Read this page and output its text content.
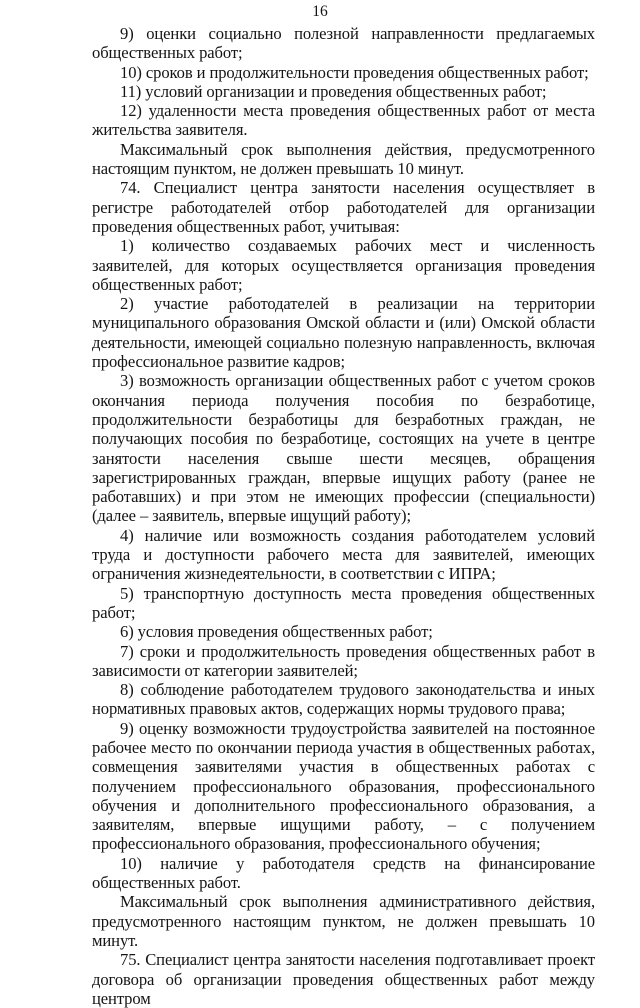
16

9) оценки социально полезной направленности предлагаемых общественных работ;

10) сроков и продолжительности проведения общественных работ;

11) условий организации и проведения общественных работ;

12) удаленности места проведения общественных работ от места жительства заявителя.

Максимальный срок выполнения действия, предусмотренного настоящим пунктом, не должен превышать 10 минут.

74. Специалист центра занятости населения осуществляет в регистре работодателей отбор работодателей для организации проведения общественных работ, учитывая:

1) количество создаваемых рабочих мест и численность заявителей, для которых осуществляется организация проведения общественных работ;

2) участие работодателей в реализации на территории муниципального образования Омской области и (или) Омской области деятельности, имеющей социально полезную направленность, включая профессиональное развитие кадров;

3) возможность организации общественных работ с учетом сроков окончания периода получения пособия по безработице, продолжительности безработицы для безработных граждан, не получающих пособия по безработице, состоящих на учете в центре занятости населения свыше шести месяцев, обращения зарегистрированных граждан, впервые ищущих работу (ранее не работавших) и при этом не имеющих профессии (специальности) (далее – заявитель, впервые ищущий работу);

4) наличие или возможность создания работодателем условий труда и доступности рабочего места для заявителей, имеющих ограничения жизнедеятельности, в соответствии с ИПРА;

5) транспортную доступность места проведения общественных работ;

6) условия проведения общественных работ;

7) сроки и продолжительность проведения общественных работ в зависимости от категории заявителей;

8) соблюдение работодателем трудового законодательства и иных нормативных правовых актов, содержащих нормы трудового права;

9) оценку возможности трудоустройства заявителей на постоянное рабочее место по окончании периода участия в общественных работах, совмещения заявителями участия в общественных работах с получением профессионального образования, профессионального обучения и дополнительного профессионального образования, а заявителям, впервые ищущими работу, – с получением профессионального образования, профессионального обучения;

10) наличие у работодателя средств на финансирование общественных работ.

Максимальный срок выполнения административного действия, предусмотренного настоящим пунктом, не должен превышать 10 минут.

75. Специалист центра занятости населения подготавливает проект договора об организации проведения общественных работ между центром
